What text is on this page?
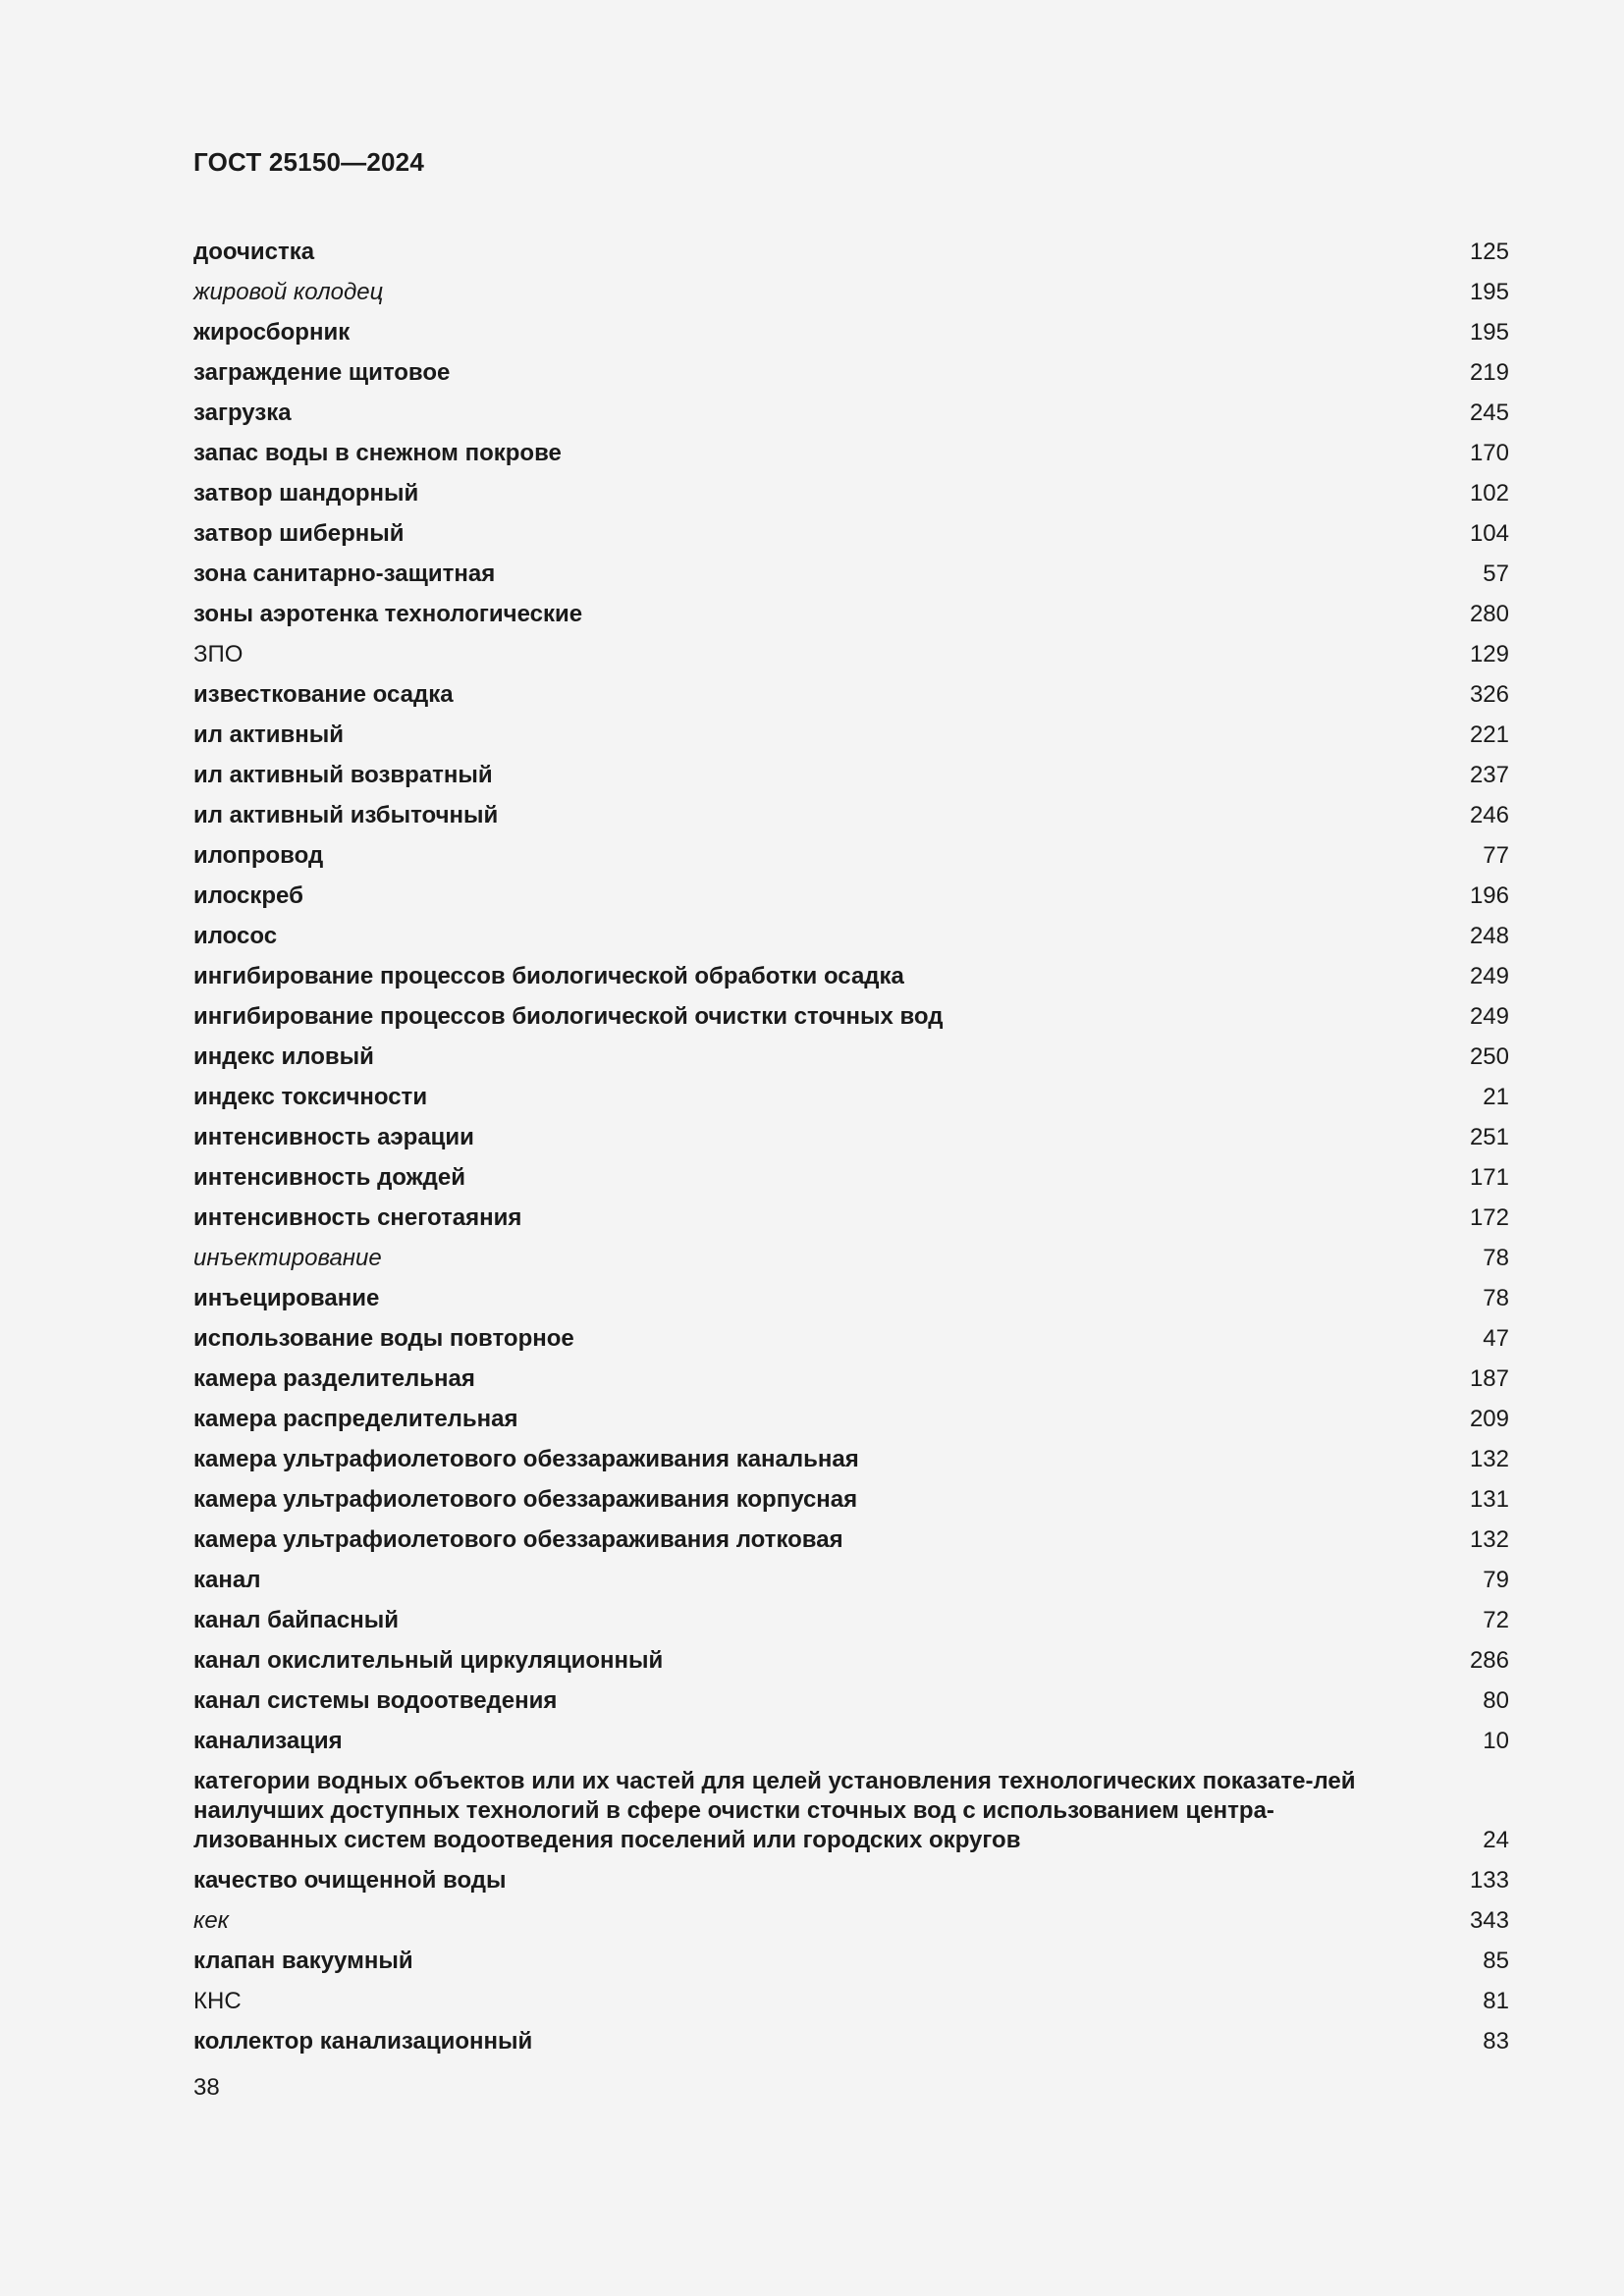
ГОСТ 25150—2024
доочистка	125
жировой колодец	195
жиросборник	195
заграждение щитовое	219
загрузка	245
запас воды в снежном покрове	170
затвор шандорный	102
затвор шиберный	104
зона санитарно-защитная	57
зоны аэротенка технологические	280
ЗПО	129
известкование осадка	326
ил активный	221
ил активный возвратный	237
ил активный избыточный	246
илопровод	77
илоскреб	196
илосос	248
ингибирование процессов биологической обработки осадка	249
ингибирование процессов биологической очистки сточных вод	249
индекс иловый	250
индекс токсичности	21
интенсивность аэрации	251
интенсивность дождей	171
интенсивность снеготаяния	172
инъектирование	78
инъецирование	78
использование воды повторное	47
камера разделительная	187
камера распределительная	209
камера ультрафиолетового обеззараживания канальная	132
камера ультрафиолетового обеззараживания корпусная	131
камера ультрафиолетового обеззараживания лотковая	132
канал	79
канал байпасный	72
канал окислительный циркуляционный	286
канал системы водоотведения	80
канализация	10
категории водных объектов или их частей для целей установления технологических показате-лей наилучших доступных технологий в сфере очистки сточных вод с использованием центра-лизованных систем водоотведения поселений или городских округов	24
качество очищенной воды	133
кек	343
клапан вакуумный	85
КНС	81
коллектор канализационный	83
38
